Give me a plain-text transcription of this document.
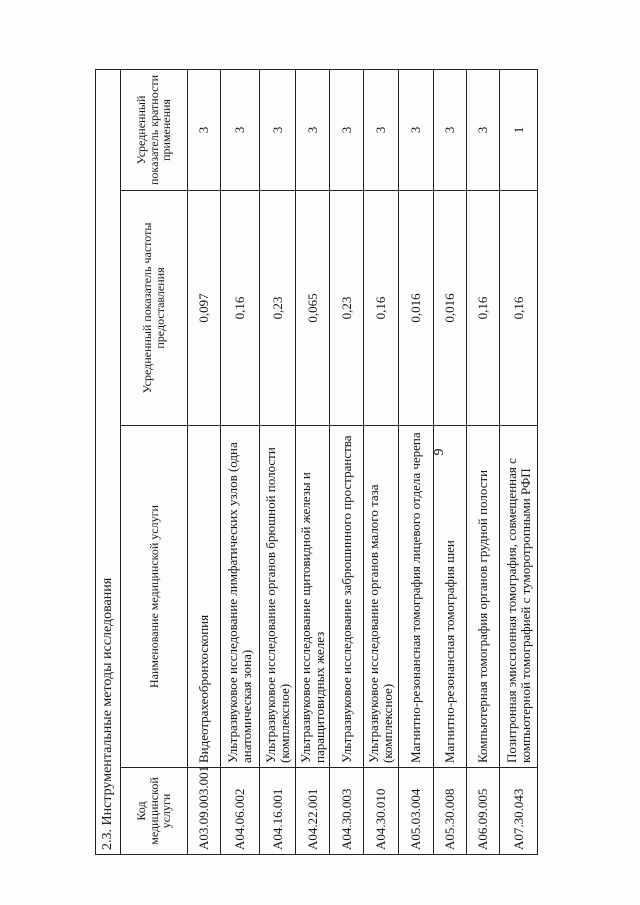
9
2.3. Инструментальные методы исследования			
Код медицинской услуги	Наименование медицинской услуги	Усредненный показатель частоты предоставления	Усредненный показатель кратности применения
A03.09.003.001	Видеотрахеобронхоскопия	0,097	3
A04.06.002	Ультразвуковое исследование лимфатических узлов (одна анатомическая зона)	0,16	3
A04.16.001	Ультразвуковое исследование органов брюшной полости (комплексное)	0,23	3
A04.22.001	Ультразвуковое исследование щитовидной железы и паращитовидных желез	0,065	3
A04.30.003	Ультразвуковое исследование забрюшинного пространства	0,23	3
A04.30.010	Ультразвуковое исследование органов малого таза (комплексное)	0,16	3
A05.03.004	Магнитно-резонансная томография лицевого отдела черепа	0,016	3
A05.30.008	Магнитно-резонансная томография шеи	0,016	3
A06.09.005	Компьютерная томография органов грудной полости	0,16	3
A07.30.043	Позитронная эмиссионная томография, совмещенная с компьютерной томографией с туморотропными РФП	0,16	1
